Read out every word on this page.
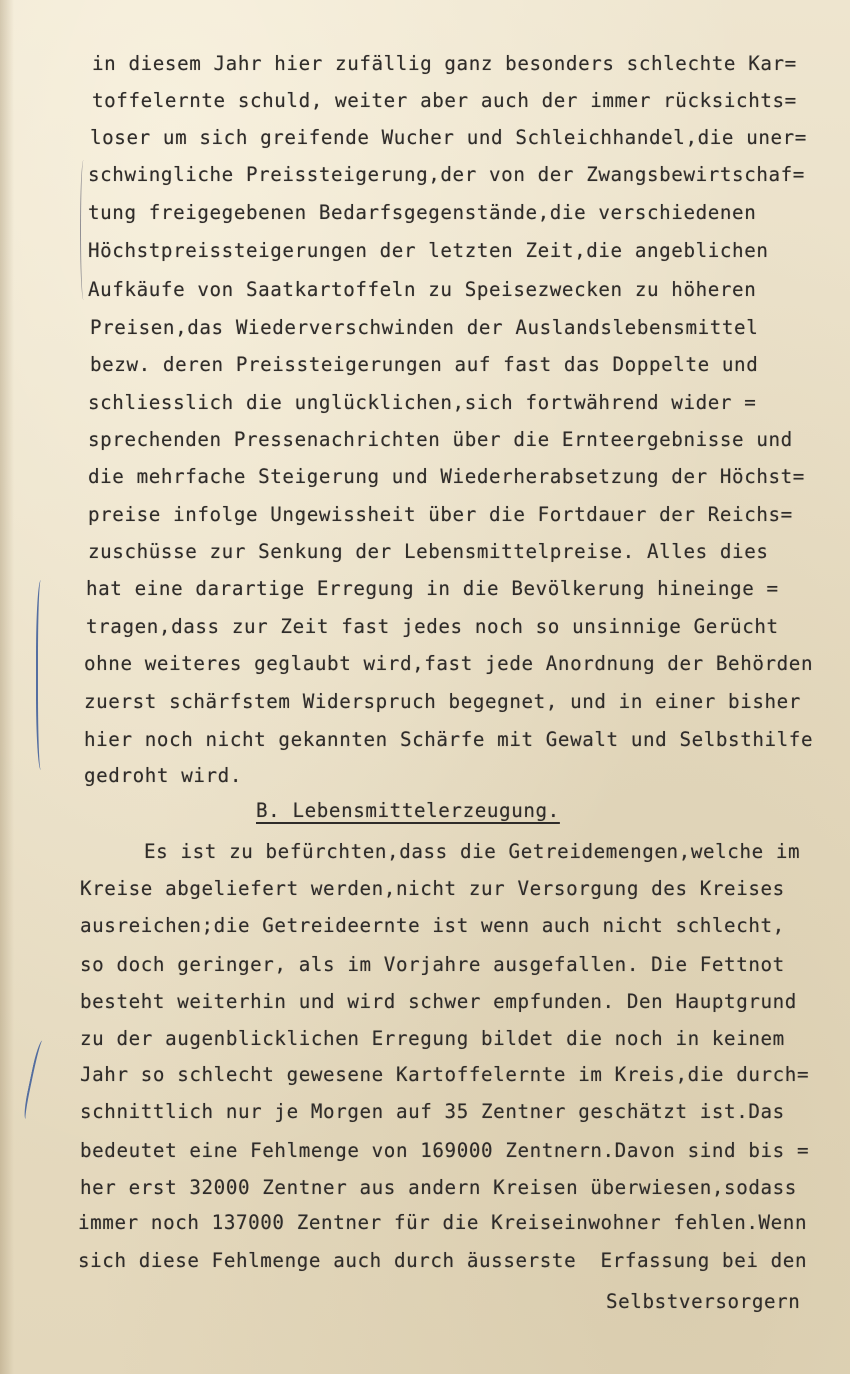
in diesem Jahr hier zufällig ganz besonders schlechte Kar=
toffelernte schuld, weiter aber auch der immer rücksichts=
loser um sich greifende Wucher und Schleichhandel,die uner=
schwingliche Preissteigerung,der von der Zwangsbewirtschaf=
tung freigegebenen Bedarfsgegenstände,die verschiedenen
Höchstpreissteigerungen der letzten Zeit,die angeblichen
Aufkäufe von Saatkartoffeln zu Speisezwecken zu höheren
Preisen,das Wiederverschwinden der Auslandslebensmittel
bezw. deren Preissteigerungen auf fast das Doppelte und
schliesslich die unglücklichen,sich fortwährend wider =
sprechenden Pressenachrichten über die Ernteergebnisse und
die mehrfache Steigerung und Wiederherabsetzung der Höchst=
preise infolge Ungewissheit über die Fortdauer der Reichs=
zuschüsse zur Senkung der Lebensmittelpreise. Alles dies
hat eine darartige Erregung in die Bevölkerung hineinge =
tragen,dass zur Zeit fast jedes noch so unsinnige Gerücht
ohne weiteres geglaubt wird,fast jede Anordnung der Behörden
zuerst schärfstem Widerspruch begegnet, und in einer bisher
hier noch nicht gekannten Schärfe mit Gewalt und Selbsthilfe
gedroht wird.
B. Lebensmittelerzeugung.
Es ist zu befürchten,dass die Getreidemengen,welche im
Kreise abgeliefert werden,nicht zur Versorgung des Kreises
ausreichen;die Getreideernte ist wenn auch nicht schlecht,
so doch geringer, als im Vorjahre ausgefallen. Die Fettnot
besteht weiterhin und wird schwer empfunden. Den Hauptgrund
zu der augenblicklichen Erregung bildet die noch in keinem
Jahr so schlecht gewesene Kartoffelernte im Kreis,die durch=
schnittlich nur je Morgen auf 35 Zentner geschätzt ist.Das
bedeutet eine Fehlmenge von 169000 Zentnern.Davon sind bis =
her erst 32000 Zentner aus andern Kreisen überwiesen,sodass
immer noch 137000 Zentner für die Kreiseinwohner fehlen.Wenn
sich diese Fehlmenge auch durch äusserste  Erfassung bei den
Selbstversorgern
